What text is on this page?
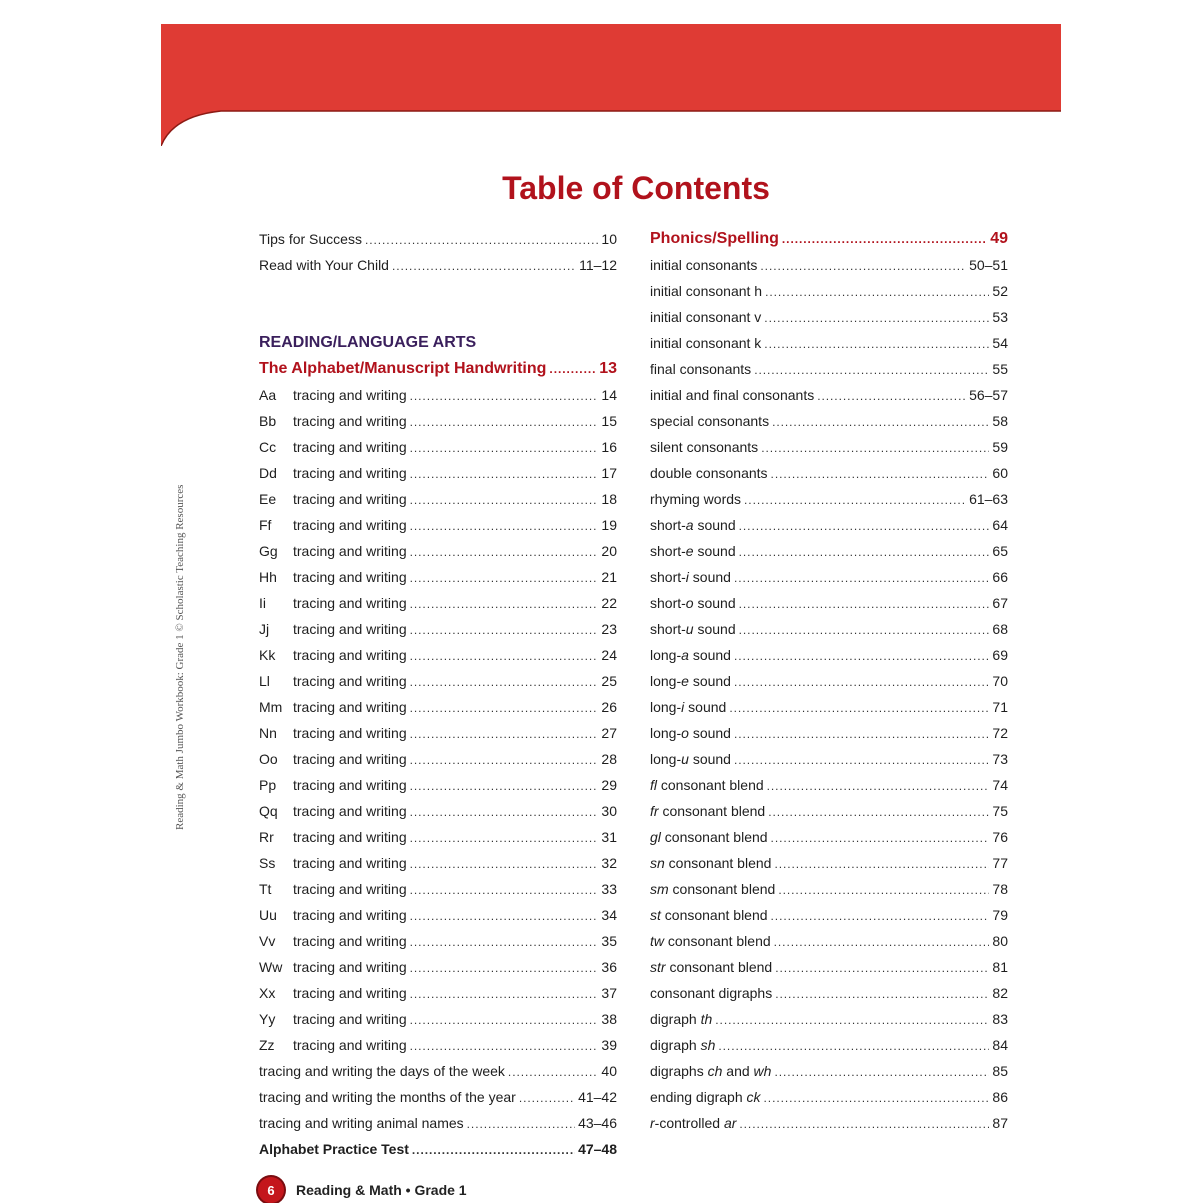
Reading & Math Jumbo Workbook: Grade 1 © Scholastic Teaching Resources
Table of Contents
Tips for Success . . .	10
Read with Your Child . . .	11–12
READING/LANGUAGE ARTS
The Alphabet/Manuscript Handwriting . . .	13
Aa	tracing and writing . . .	14
Bb	tracing and writing . . .	15
Cc	tracing and writing . . .	16
Dd	tracing and writing . . .	17
Ee	tracing and writing . . .	18
Ff	tracing and writing . . .	19
Gg	tracing and writing . . .	20
Hh	tracing and writing . . .	21
Ii	tracing and writing . . .	22
Jj	tracing and writing . . .	23
Kk	tracing and writing . . .	24
Ll	tracing and writing . . .	25
Mm tracing and writing . . .	26
Nn	tracing and writing . . .	27
Oo	tracing and writing . . .	28
Pp	tracing and writing . . .	29
Qq	tracing and writing . . .	30
Rr	tracing and writing . . .	31
Ss	tracing and writing . . .	32
Tt	tracing and writing . . .	33
Uu	tracing and writing . . .	34
Vv	tracing and writing . . .	35
Ww tracing and writing . . .	36
Xx	tracing and writing . . .	37
Yy	tracing and writing . . .	38
Zz	tracing and writing . . .	39
tracing and writing the days of the week . . .	40
tracing and writing the months of the year . . .	41–42
tracing and writing animal names . . .	43–46
Alphabet Practice Test . . .	47–48
Phonics/Spelling . . .	49
initial consonants . . .	50–51
initial consonant h . . .	52
initial consonant v . . .	53
initial consonant k . . .	54
final consonants . . .	55
initial and final consonants . . .	56–57
special consonants . . .	58
silent consonants . . .	59
double consonants . . .	60
rhyming words . . .	61–63
short-a sound . . .	64
short-e sound . . .	65
short-i sound . . .	66
short-o sound . . .	67
short-u sound . . .	68
long-a sound . . .	69
long-e sound . . .	70
long-i sound . . .	71
long-o sound . . .	72
long-u sound . . .	73
fl consonant blend . . .	74
fr consonant blend . . .	75
gl consonant blend . . .	76
sn consonant blend . . .	77
sm consonant blend . . .	78
st consonant blend . . .	79
tw consonant blend . . .	80
str consonant blend . . .	81
consonant digraphs . . .	82
digraph th . . .	83
digraph sh . . .	84
digraphs ch and wh . . .	85
ending digraph ck . . .	86
r-controlled ar . . .	87
6	Reading & Math • Grade 1
